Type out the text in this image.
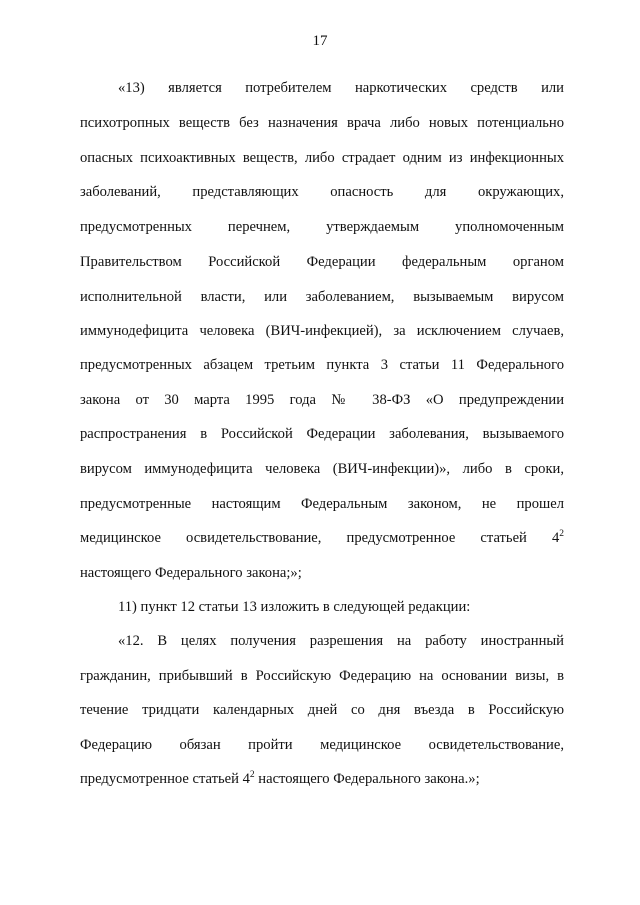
17
«13) является потребителем наркотических средств или
психотропных веществ без назначения врача либо новых потенциально
опасных психоактивных веществ, либо страдает одним из инфекционных
заболеваний, представляющих опасность для окружающих,
предусмотренных перечнем, утверждаемым уполномоченным
Правительством Российской Федерации федеральным органом
исполнительной власти, или заболеванием, вызываемым вирусом
иммунодефицита человека (ВИЧ-инфекцией), за исключением случаев,
предусмотренных абзацем третьим пункта 3 статьи 11 Федерального
закона от 30 марта 1995 года № 38-ФЗ «О предупреждении
распространения в Российской Федерации заболевания, вызываемого
вирусом иммунодефицита человека (ВИЧ-инфекции)», либо в сроки,
предусмотренные настоящим Федеральным законом, не прошел
медицинское освидетельствование, предусмотренное статьей $4^2$
настоящего Федерального закона;»;
11) пункт 12 статьи 13 изложить в следующей редакции:
«12. В целях получения разрешения на работу иностранный
гражданин, прибывший в Российскую Федерацию на основании визы, в
течение тридцати календарных дней со дня въезда в Российскую
Федерацию обязан пройти медицинское освидетельствование,
предусмотренное статьей $4^2$ настоящего Федерального закона.»;
